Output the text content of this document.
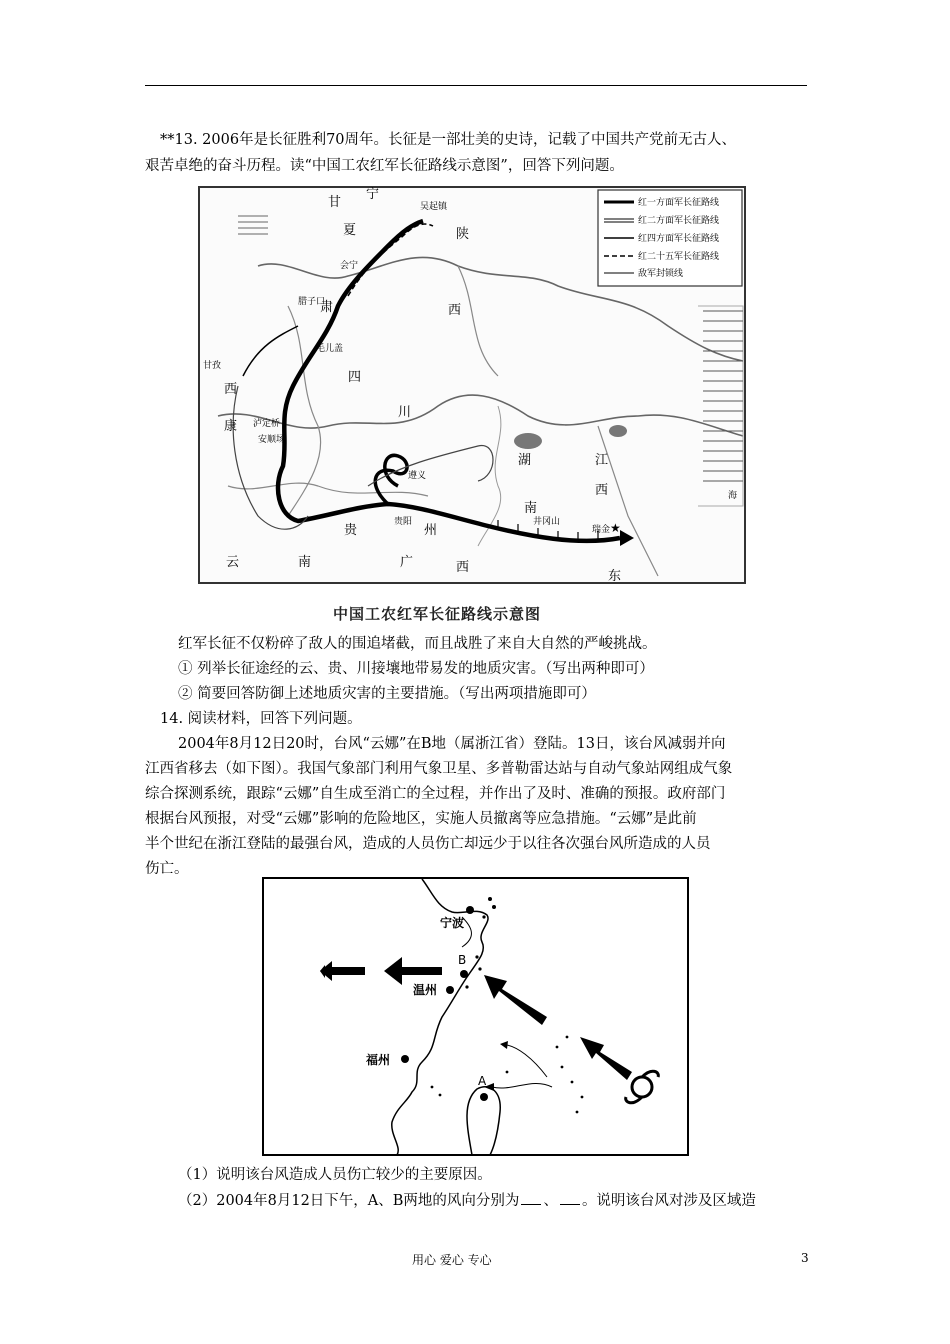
**13. 2006年是长征胜利70周年。长征是一部壮美的史诗，记载了中国共产党前无古人、
艰苦卓绝的奋斗历程。读“中国工农红军长征路线示意图”，回答下列问题。
红一方面军长征路线
红二方面军长征路线
红四方面军长征路线
红二十五军长征路线
敌军封锁线
甘
宁
夏
肃
陕
西
四
川
西
康
湖
南
江
西
贵	州
广	西
云	南
东
海
吴起镇
会宁
腊子口
毛儿盖
甘孜
泸定桥
安顺场
遵义
贵阳	井冈山
瑞金 ★
中国工农红军长征路线示意图
红军长征不仅粉碎了敌人的围追堵截，而且战胜了来自大自然的严峻挑战。
① 列举长征途经的云、贵、川接壤地带易发的地质灾害。（写出两种即可）
② 简要回答防御上述地质灾害的主要措施。（写出两项措施即可）
14. 阅读材料，回答下列问题。
2004年8月12日20时，台风“云娜”在B地（属浙江省）登陆。13日，该台风减弱并向
江西省移去（如下图）。我国气象部门利用气象卫星、多普勒雷达站与自动气象站网组成气象
综合探测系统，跟踪“云娜”自生成至消亡的全过程，并作出了及时、准确的预报。政府部门
根据台风预报，对受“云娜”影响的危险地区，实施人员撤离等应急措施。“云娜”是此前
半个世纪在浙江登陆的最强台风，造成的人员伤亡却远少于以往各次强台风所造成的人员
伤亡。
宁波
B
温州
福州
A
（1）说明该台风造成人员伤亡较少的主要原因。
（2）2004年8月12日下午，A、B两地的风向分别为 、 。说明该台风对涉及区域造
用心 爱心 专心	3
